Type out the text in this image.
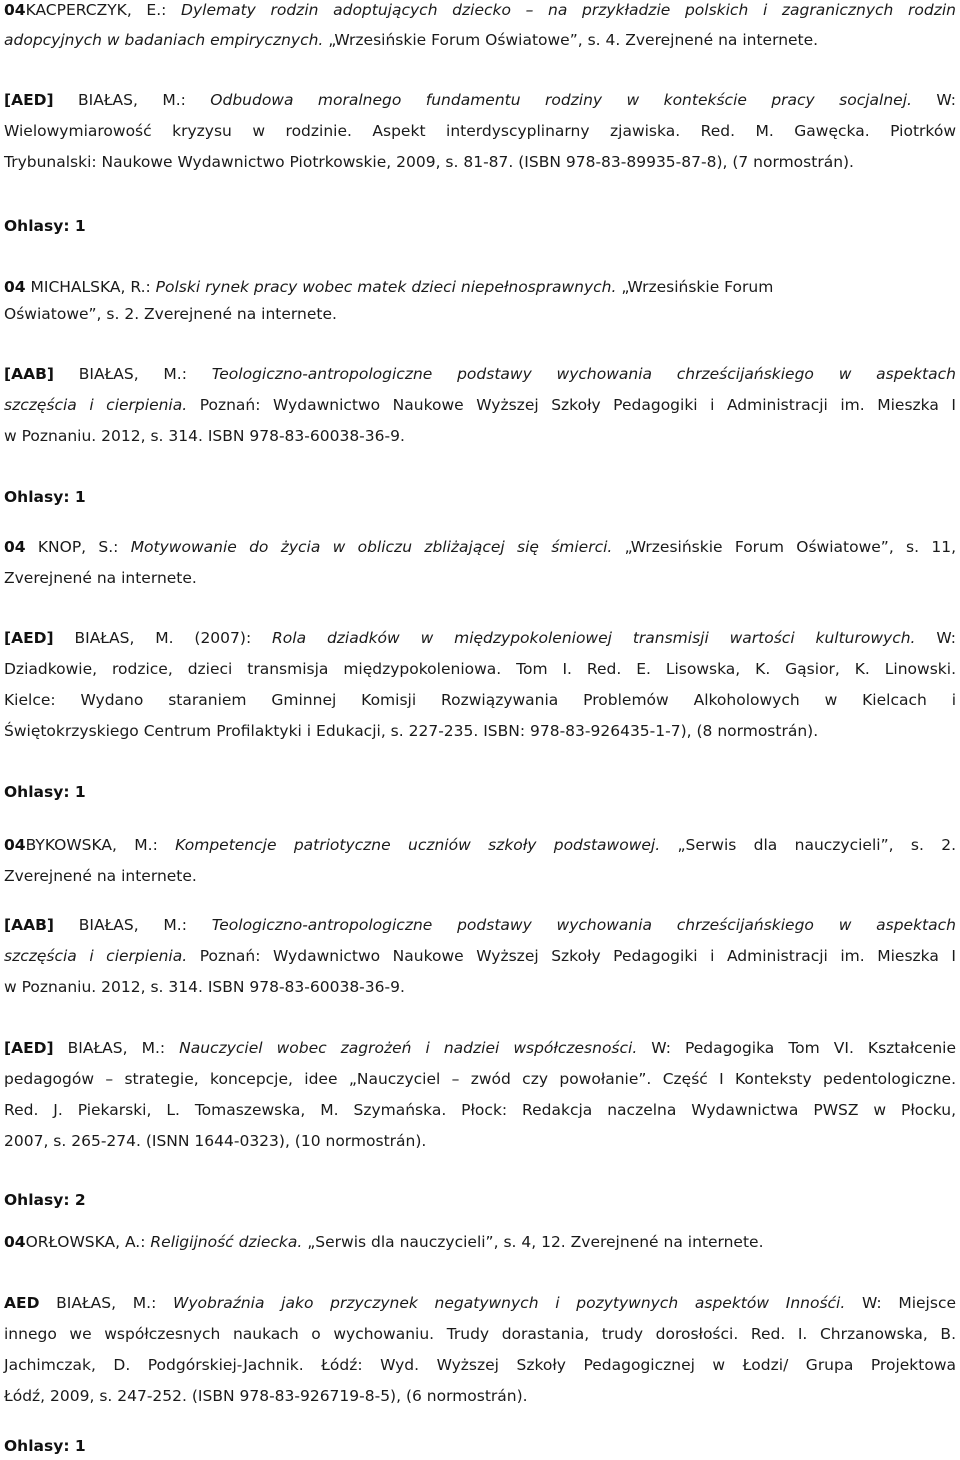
04KACPERCZYK, E.: Dylematy rodzin adoptujących dziecko – na przykładzie polskich i zagranicznych rodzin
adopcyjnych w badaniach empirycznych. „Wrzesińskie Forum Oświatowe”, s. 4. Zverejnené na internete.
[AED] BIAŁAS, M.: Odbudowa moralnego fundamentu rodziny w kontekście pracy socjalnej. W:
Wielowymiarowość kryzysu w rodzinie. Aspekt interdyscyplinarny zjawiska. Red. M. Gawęcka. Piotrków
Trybunalski: Naukowe Wydawnictwo Piotrkowskie, 2009, s. 81-87. (ISBN 978-83-89935-87-8), (7 normostrán).
Ohlasy: 1
04 MICHALSKA, R.: Polski rynek pracy wobec matek dzieci niepełnosprawnych. „Wrzesińskie Forum
Oświatowe”, s. 2. Zverejnené na internete.
[AAB] BIAŁAS, M.: Teologiczno-antropologiczne podstawy wychowania chrześcijańskiego w aspektach
szczęścia i cierpienia. Poznań: Wydawnictwo Naukowe Wyższej Szkoły Pedagogiki i Administracji im. Mieszka I
w Poznaniu. 2012, s. 314. ISBN 978-83-60038-36-9.
Ohlasy: 1
04 KNOP, S.: Motywowanie do życia w obliczu zbliżającej się śmierci. „Wrzesińskie Forum Oświatowe”, s. 11,
Zverejnené na internete.
[AED] BIAŁAS, M. (2007): Rola dziadków w międzypokoleniowej transmisji wartości kulturowych. W:
Dziadkowie, rodzice, dzieci transmisja międzypokoleniowa. Tom I. Red. E. Lisowska, K. Gąsior, K. Linowski.
Kielce: Wydano staraniem Gminnej Komisji Rozwiązywania Problemów Alkoholowych w Kielcach i
Świętokrzyskiego Centrum Profilaktyki i Edukacji, s. 227-235. ISBN: 978-83-926435-1-7), (8 normostrán).
Ohlasy: 1
04BYKOWSKA, M.: Kompetencje patriotyczne uczniów szkoły podstawowej. „Serwis dla nauczycieli”, s. 2.
Zverejnené na internete.
[AAB] BIAŁAS, M.: Teologiczno-antropologiczne podstawy wychowania chrześcijańskiego w aspektach
szczęścia i cierpienia. Poznań: Wydawnictwo Naukowe Wyższej Szkoły Pedagogiki i Administracji im. Mieszka I
w Poznaniu. 2012, s. 314. ISBN 978-83-60038-36-9.
[AED] BIAŁAS, M.: Nauczyciel wobec zagrożeń i nadziei współczesności. W: Pedagogika Tom VI. Kształcenie
pedagogów – strategie, koncepcje, idee „Nauczyciel – zwód czy powołanie”. Część I Konteksty pedentologiczne.
Red. J. Piekarski, L. Tomaszewska, M. Szymańska. Płock: Redakcja naczelna Wydawnictwa PWSZ w Płocku,
2007, s. 265-274. (ISNN 1644-0323), (10 normostrán).
Ohlasy: 2
04ORŁOWSKA, A.: Religijność dziecka. „Serwis dla nauczycieli”, s. 4, 12. Zverejnené na internete.
AED BIAŁAS, M.: Wyobraźnia jako przyczynek negatywnych i pozytywnych aspektów Innośći. W: Miejsce
innego we współczesnych naukach o wychowaniu. Trudy dorastania, trudy dorosłości. Red. I. Chrzanowska, B.
Jachimczak, D. Podgórskiej-Jachnik. Łódź: Wyd. Wyższej Szkoły Pedagogicznej w Łodzi/ Grupa Projektowa
Łódź, 2009, s. 247-252. (ISBN 978-83-926719-8-5), (6 normostrán).
Ohlasy: 1
